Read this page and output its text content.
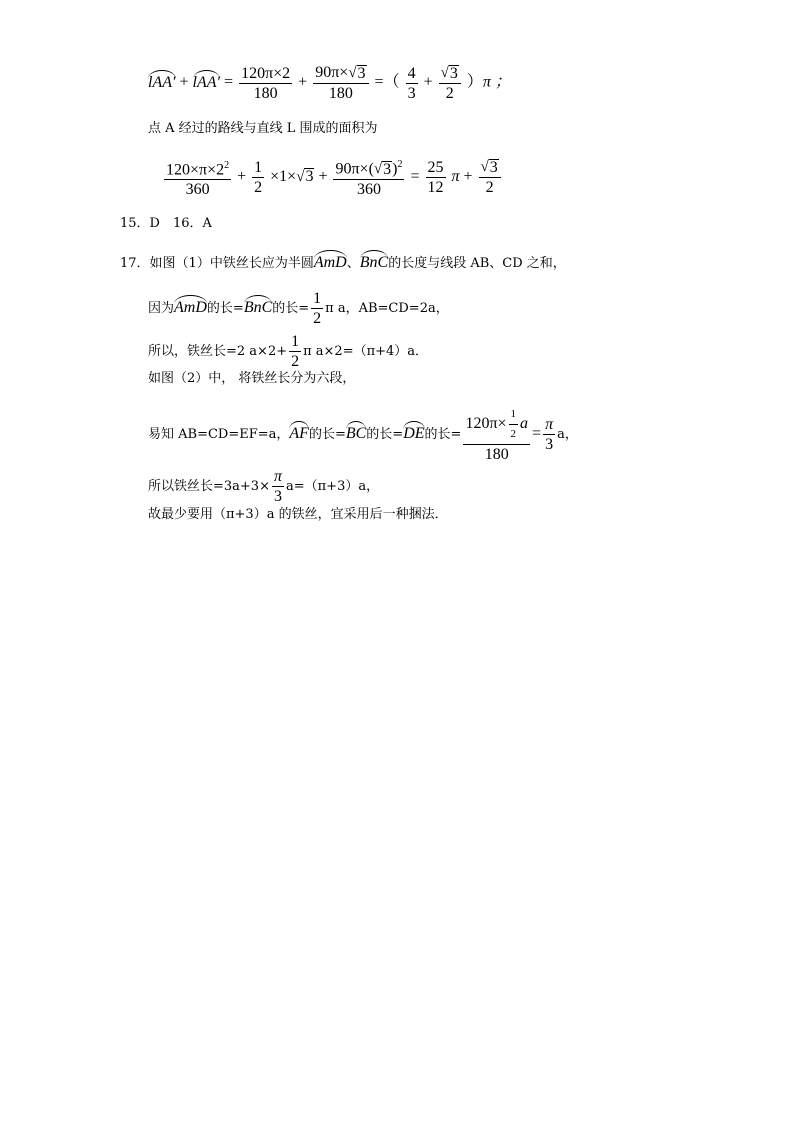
$lAA' + lAA' = \frac{120\pi\times 2}{180} + \frac{90\pi\times √ 3}{180}$ =（ $\frac{4}{3} + \frac{√ 3}{2} )\pi$ ；
点 A 经过的路线与直线 L 围成的面积为
$\frac{120\times\pi\times 2^2}{360} + \frac{1}{2} \times 1\times$ √ $3 + \frac{90\pi\times( √ 3 )^2}{360} = \frac{25}{12}$ $\pi + \frac{√ 3}{2}$
15．D　16．A
17．如图（1）中铁丝长应为半圆AmD、BnC的长度与线段 AB、CD 之和，
因为AmD的长=BnC的长= $\frac{1}{2}$ π a，AB=CD=2a，
所以，铁丝长=2 $a\times 2+ \frac{1}{2}$ π a×2=（π+4）a．
如图（2）中， 将铁丝长分为六段，
易知 AB=CD=EF=a，AF的长=BC的长=DE的长= $\frac{120\pi\times \frac{1}{2} a}{180} = \frac{\pi}{3}$ a，
所以铁丝长$=3a+3\times \frac{\pi}{3} a=(\pi+3)a$，
故最少要用（π+3）a 的铁丝，宜采用后一种捆法．
